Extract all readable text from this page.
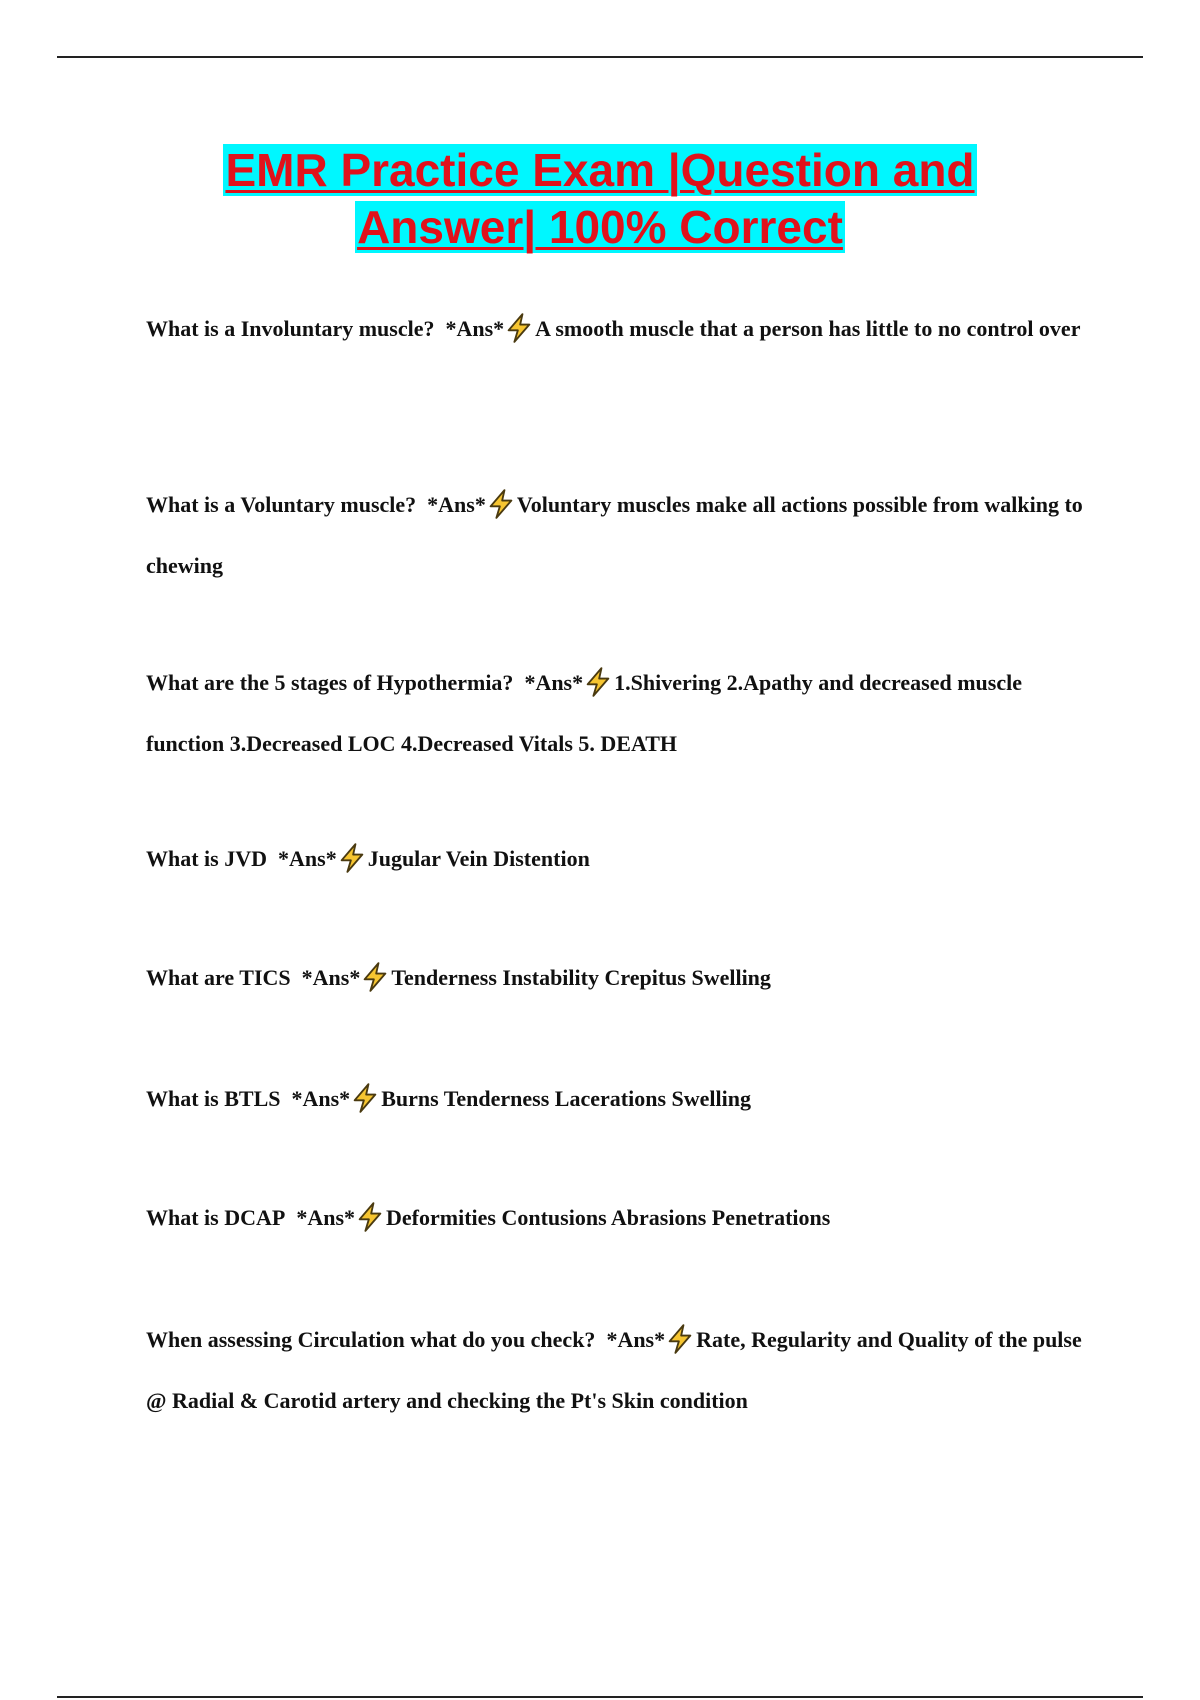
EMR Practice Exam |Question and
Answer| 100% Correct

What is a Involuntary muscle? *Ans* A smooth muscle that a person has little to no control over

What is a Voluntary muscle? *Ans* Voluntary muscles make all actions possible from walking to chewing

What are the 5 stages of Hypothermia? *Ans* 1.Shivering 2.Apathy and decreased muscle function 3.Decreased LOC 4.Decreased Vitals 5. DEATH

What is JVD *Ans* Jugular Vein Distention

What are TICS *Ans* Tenderness Instability Crepitus Swelling

What is BTLS *Ans* Burns Tenderness Lacerations Swelling

What is DCAP *Ans* Deformities Contusions Abrasions Penetrations

When assessing Circulation what do you check? *Ans* Rate, Regularity and Quality of the pulse @ Radial & Carotid artery and checking the Pt's Skin condition
